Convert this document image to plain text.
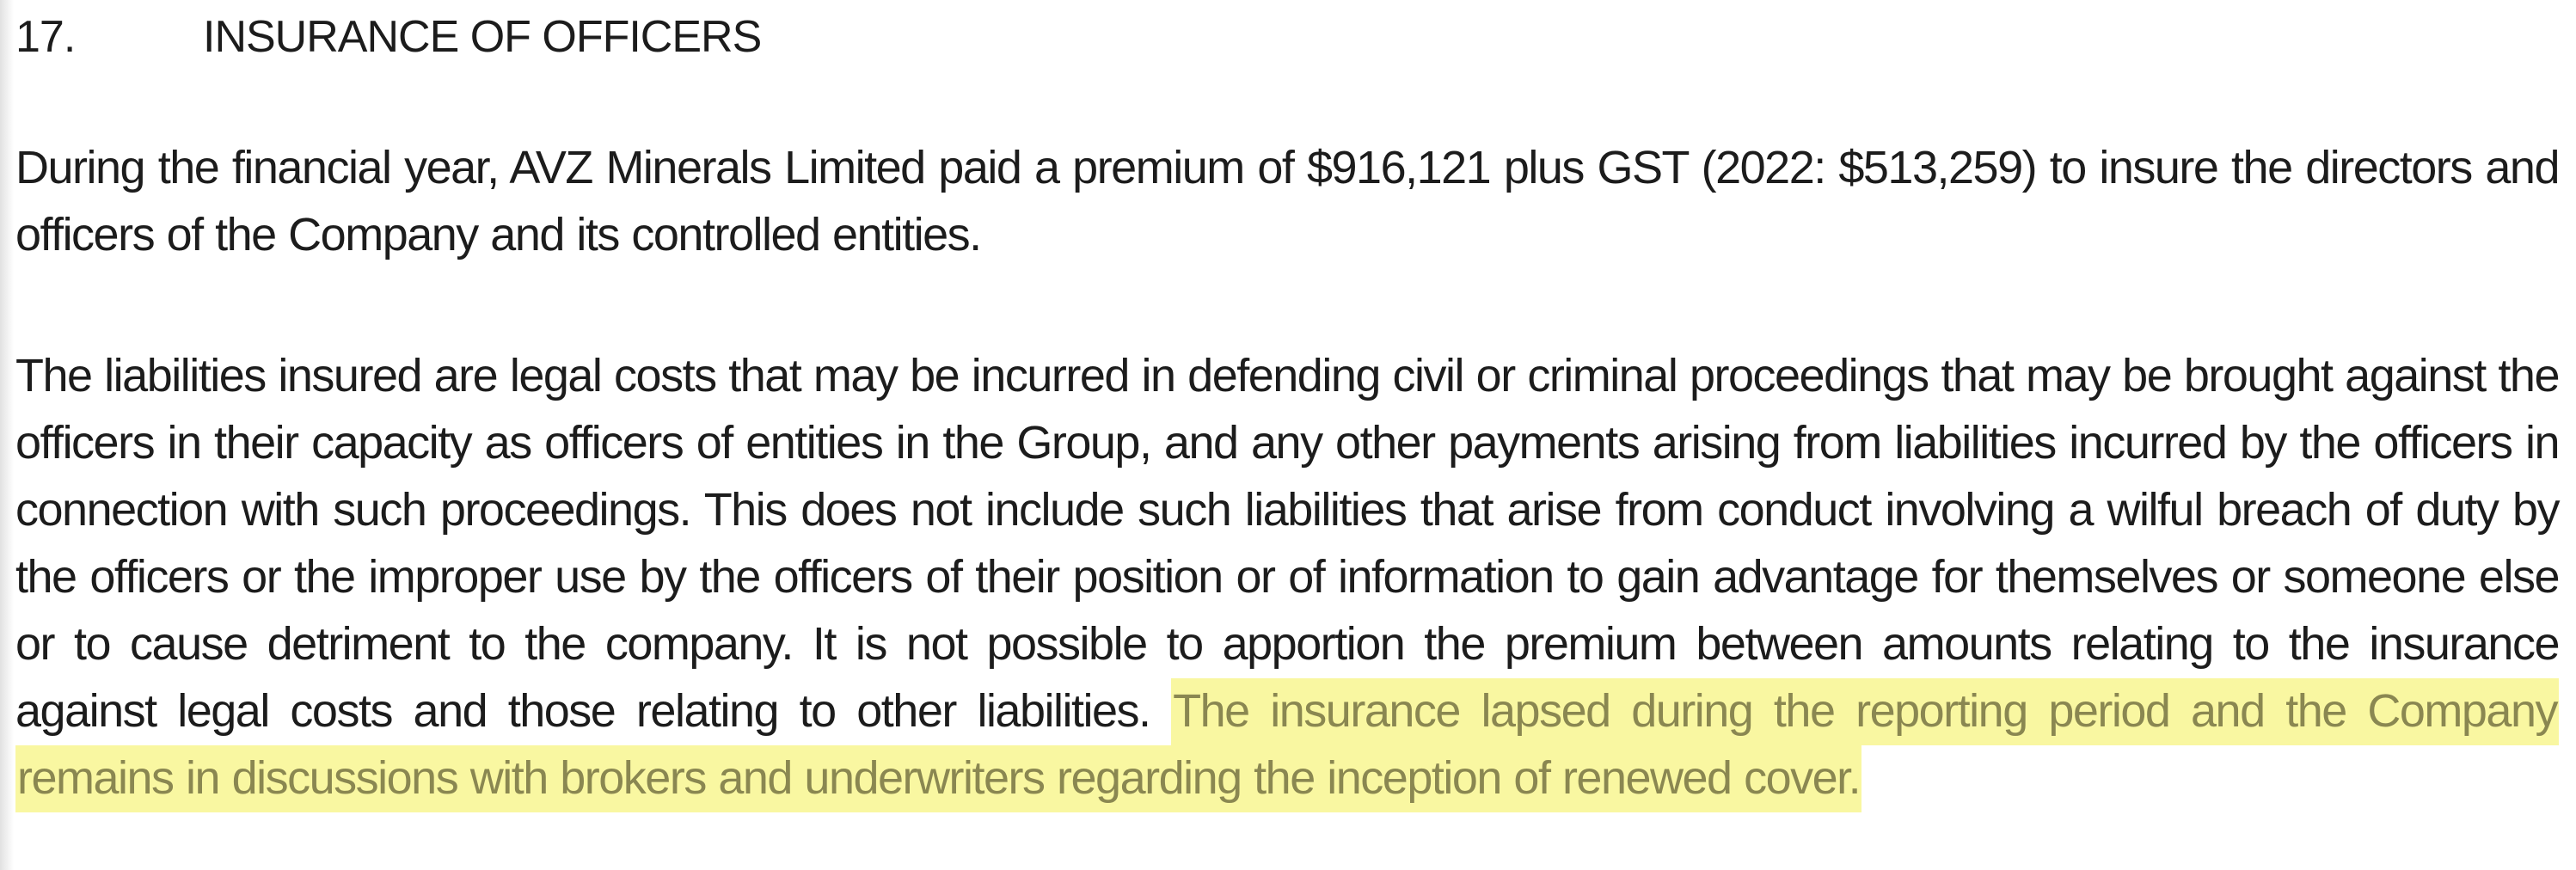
17.	INSURANCE OF OFFICERS

During the financial year, AVZ Minerals Limited paid a premium of $916,121 plus GST (2022: $513,259) to insure the directors and officers of the Company and its controlled entities.

The liabilities insured are legal costs that may be incurred in defending civil or criminal proceedings that may be brought against the officers in their capacity as officers of entities in the Group, and any other payments arising from liabilities incurred by the officers in connection with such proceedings. This does not include such liabilities that arise from conduct involving a wilful breach of duty by the officers or the improper use by the officers of their position or of information to gain advantage for themselves or someone else or to cause detriment to the company. It is not possible to apportion the premium between amounts relating to the insurance against legal costs and those relating to other liabilities. The insurance lapsed during the reporting period and the Company remains in discussions with brokers and underwriters regarding the inception of renewed cover.
